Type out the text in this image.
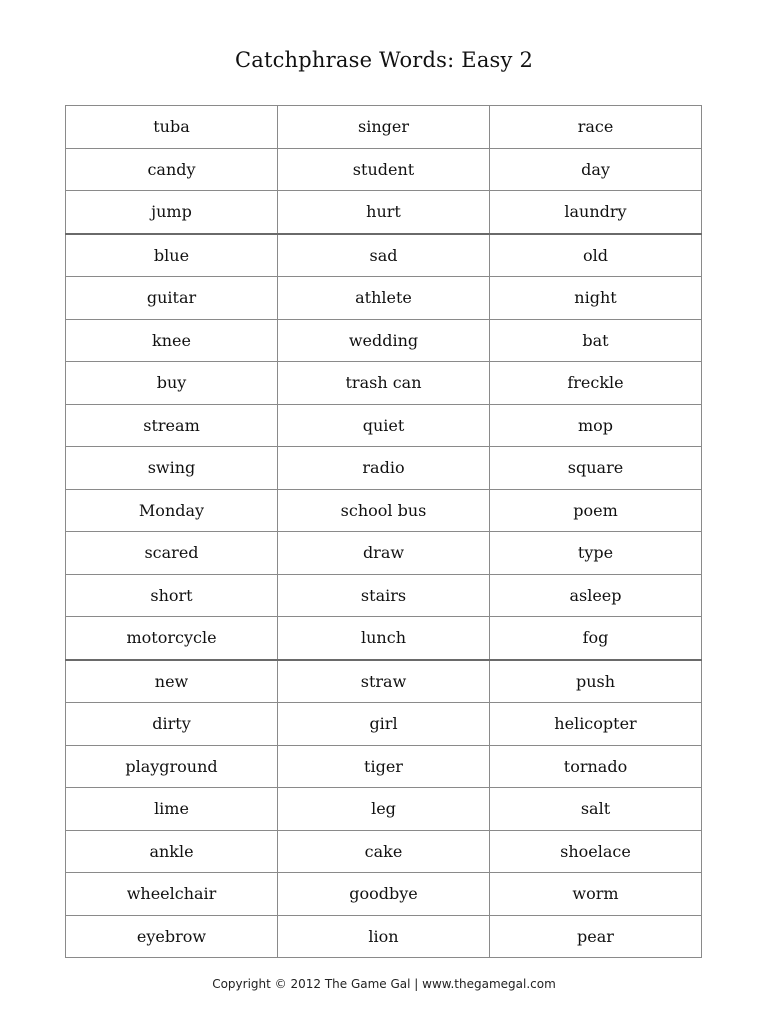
Catchphrase Words: Easy 2
tuba	singer	race
candy	student	day
jump	hurt	laundry
blue	sad	old
guitar	athlete	night
knee	wedding	bat
buy	trash can	freckle
stream	quiet	mop
swing	radio	square
Monday	school bus	poem
scared	draw	type
short	stairs	asleep
motorcycle	lunch	fog
new	straw	push
dirty	girl	helicopter
playground	tiger	tornado
lime	leg	salt
ankle	cake	shoelace
wheelchair	goodbye	worm
eyebrow	lion	pear
Copyright © 2012 The Game Gal | www.thegamegal.com
